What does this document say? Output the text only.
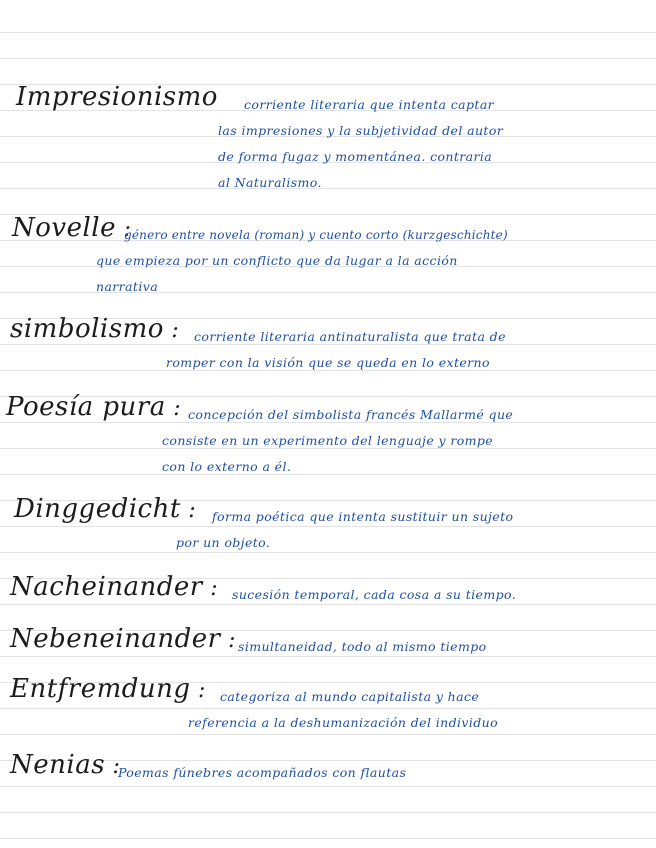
Impresionismo corriente literaria que intenta captar
las impresiones y la subjetividad del autor
de forma fugaz y momentánea. contraria
al Naturalismo.
Novelle :
género entre novela (roman) y cuento corto (kurzgeschichte)
que empieza por un conflicto que da lugar a la acción
narrativa
simbolismo : corriente literaria antinaturalista que trata de
romper con la visión que se queda en lo externo
Poesía pura : concepción del simbolista francés Mallarmé que
consiste en un experimento del lenguaje y rompe
con lo externo a él.
Dinggedicht : forma poética que intenta sustituir un sujeto
por un objeto.
Nacheinander : sucesión temporal, cada cosa a su tiempo.
Nebeneinander : simultaneidad, todo al mismo tiempo
Entfremdung : categoriza al mundo capitalista y hace
referencia a la deshumanización del individuo
Nenias :
Poemas fúnebres acompañados con flautas
